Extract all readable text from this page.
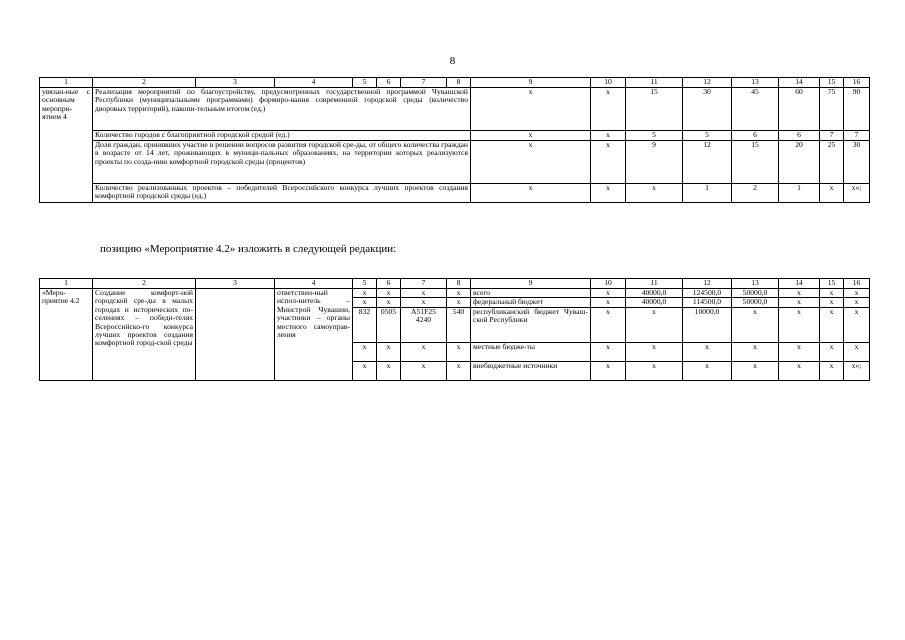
8
1	2	3	4	5	6	7	8	9	10	11	12	13	14	15	16
увязан-ные с основным меропри-ятием 4	Реализация мероприятий по благоустройству, предусмотренных государственной программой Чувашской Республики (муниципальными программами) формиро-вания современной городской среды (количество дворовых территорий), накопи-тельным итогом (ед.)							x	x	15	30	45	60	75	90
	Количество городов с благоприятной городской средой (ед.)							x	x	5	5	6	6	7	7
	Доля граждан, принявших участие в решении вопросов развития городской сре-ды, от общего количества граждан в возрасте от 14 лет, проживающих в муници-пальных образованиях, на территории которых реализуются проекты по созда-нию комфортной городской среды (процентов)							x	x	9	12	15	20	25	30
	Количество реализованных проектов – победителей Всероссийского конкурса лучших проектов создания комфортной городской среды (ед.)							x	x	x	1	2	1	x	x»;
позицию «Мероприятие 4.2» изложить в следующей редакции:
1	2	3	4	5	6	7	8	9	10	11	12	13	14	15	16
«Меро-приятие 4.2	Создание комфорт-ной городской сре-ды в малых городах и исторических по-селениях – победи-телях Всероссийско-го конкурса лучших проектов создания комфортной город-ской среды		ответствен-ный испол-нитель – Минстрой Чувашии, участники – органы местного самоуправ-ления	x	x	x	x	всего	x	40000,0	124500,0	50000,0	x	x	x
				x	x	x	x	федеральный бюджет	x	40000,0	114500,0	50000,0	x	x	x
				832	0505	A51F25 4240	540	республиканский бюджет Чуваш-ской Республики	x	x	10000,0	x	x	x	x
				x	x	x	x	местные бюдже-ты	x	x	x	x	x	x	x
				x	x	x	x	внебюджетные источники	x	x	x	x	x	x	x»;
